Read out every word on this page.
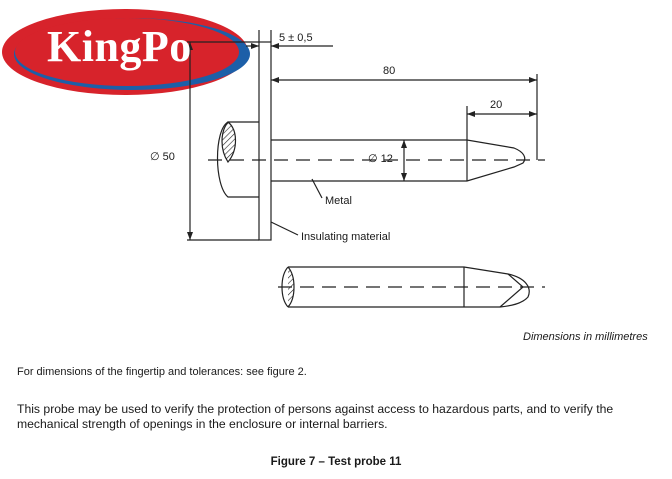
5 ± 0,5
80
20
∅ 50	∅ 12
Metal
Insulating material
KingPo
Dimensions in millimetres
For dimensions of the fingertip and tolerances: see figure 2.
This probe may be used to verify the protection of persons against access to hazardous parts, and to verify the mechanical strength of openings in the enclosure or internal barriers.
Figure 7 – Test probe 11
